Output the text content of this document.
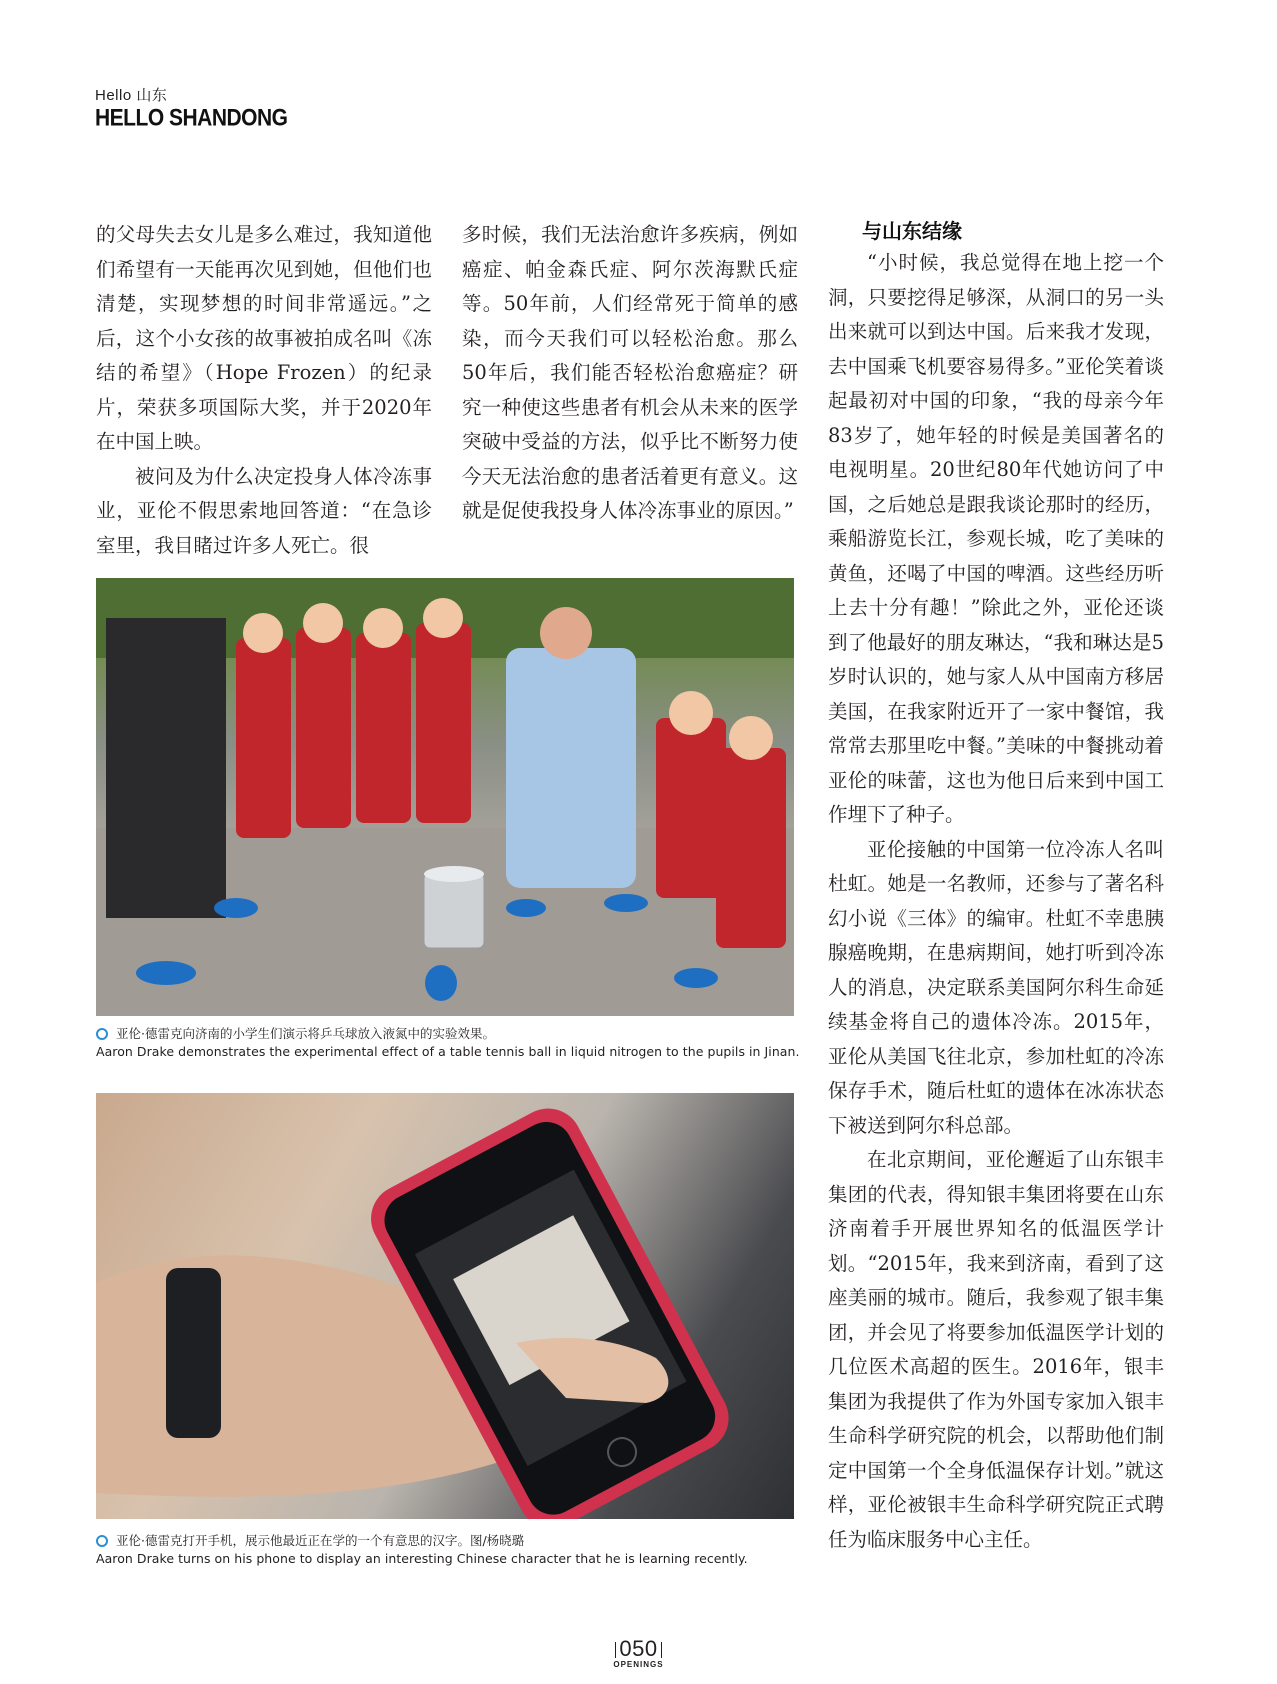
Hello 山东
HELLO SHANDONG

的父母失去女儿是多么难过，我知道他们希望有一天能再次见到她，但他们也清楚，实现梦想的时间非常遥远。”之后，这个小女孩的故事被拍成名叫《冻结的希望》（Hope Frozen）的纪录片，荣获多项国际大奖，并于2020年在中国上映。

被问及为什么决定投身人体冷冻事业，亚伦不假思索地回答道：“在急诊室里，我目睹过许多人死亡。很

多时候，我们无法治愈许多疾病，例如癌症、帕金森氏症、阿尔茨海默氏症等。50年前，人们经常死于简单的感染，而今天我们可以轻松治愈。那么50年后，我们能否轻松治愈癌症？研究一种使这些患者有机会从未来的医学突破中受益的方法，似乎比不断努力使今天无法治愈的患者活着更有意义。这就是促使我投身人体冷冻事业的原因。”

与山东结缘

“小时候，我总觉得在地上挖一个洞，只要挖得足够深，从洞口的另一头出来就可以到达中国。后来我才发现，去中国乘飞机要容易得多。”亚伦笑着谈起最初对中国的印象，“我的母亲今年83岁了，她年轻的时候是美国著名的电视明星。20世纪80年代她访问了中国，之后她总是跟我谈论那时的经历，乘船游览长江，参观长城，吃了美味的黄鱼，还喝了中国的啤酒。这些经历听上去十分有趣！”除此之外，亚伦还谈到了他最好的朋友琳达，“我和琳达是5岁时认识的，她与家人从中国南方移居美国，在我家附近开了一家中餐馆，我常常去那里吃中餐。”美味的中餐挑动着亚伦的味蕾，这也为他日后来到中国工作埋下了种子。

亚伦接触的中国第一位冷冻人名叫杜虹。她是一名教师，还参与了著名科幻小说《三体》的编审。杜虹不幸患胰腺癌晚期，在患病期间，她打听到冷冻人的消息，决定联系美国阿尔科生命延续基金将自己的遗体冷冻。2015年，亚伦从美国飞往北京，参加杜虹的冷冻保存手术，随后杜虹的遗体在冰冻状态下被送到阿尔科总部。

在北京期间，亚伦邂逅了山东银丰集团的代表，得知银丰集团将要在山东济南着手开展世界知名的低温医学计划。“2015年，我来到济南，看到了这座美丽的城市。随后，我参观了银丰集团，并会见了将要参加低温医学计划的几位医术高超的医生。2016年，银丰集团为我提供了作为外国专家加入银丰生命科学研究院的机会，以帮助他们制定中国第一个全身低温保存计划。”就这样，亚伦被银丰生命科学研究院正式聘任为临床服务中心主任。

亚伦·德雷克向济南的小学生们演示将乒乓球放入液氮中的实验效果。
Aaron Drake demonstrates the experimental effect of a table tennis ball in liquid nitrogen to the pupils in Jinan.
亚伦·德雷克打开手机，展示他最近正在学的一个有意思的汉字。图/杨晓璐
Aaron Drake turns on his phone to display an interesting Chinese character that he is learning recently.
050
OPENINGS
